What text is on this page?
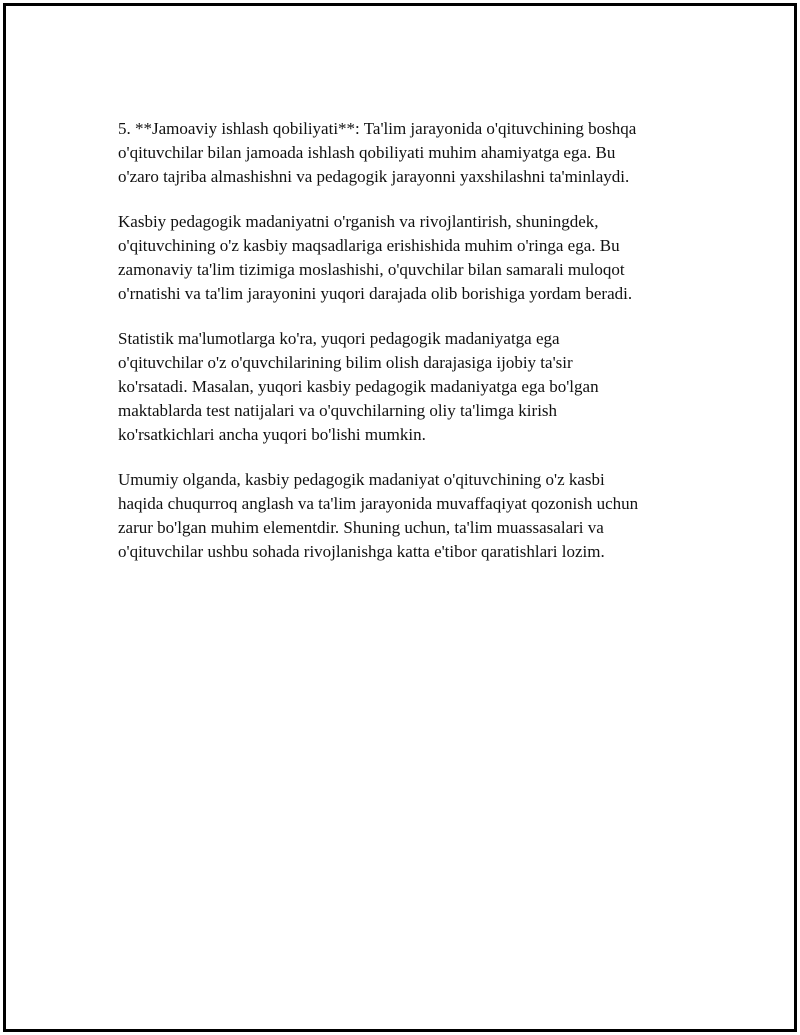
5. **Jamoaviy ishlash qobiliyati**: Ta'lim jarayonida o'qituvchining boshqa
o'qituvchilar bilan jamoada ishlash qobiliyati muhim ahamiyatga ega. Bu
o'zaro tajriba almashishni va pedagogik jarayonni yaxshilashni ta'minlaydi.

Kasbiy pedagogik madaniyatni o'rganish va rivojlantirish, shuningdek,
o'qituvchining o'z kasbiy maqsadlariga erishishida muhim o'ringa ega. Bu
zamonaviy ta'lim tizimiga moslashishi, o'quvchilar bilan samarali muloqot
o'rnatishi va ta'lim jarayonini yuqori darajada olib borishiga yordam beradi.

Statistik ma'lumotlarga ko'ra, yuqori pedagogik madaniyatga ega
o'qituvchilar o'z o'quvchilarining bilim olish darajasiga ijobiy ta'sir
ko'rsatadi. Masalan, yuqori kasbiy pedagogik madaniyatga ega bo'lgan
maktablarda test natijalari va o'quvchilarning oliy ta'limga kirish
ko'rsatkichlari ancha yuqori bo'lishi mumkin.

Umumiy olganda, kasbiy pedagogik madaniyat o'qituvchining o'z kasbi
haqida chuqurroq anglash va ta'lim jarayonida muvaffaqiyat qozonish uchun
zarur bo'lgan muhim elementdir. Shuning uchun, ta'lim muassasalari va
o'qituvchilar ushbu sohada rivojlanishga katta e'tibor qaratishlari lozim.
